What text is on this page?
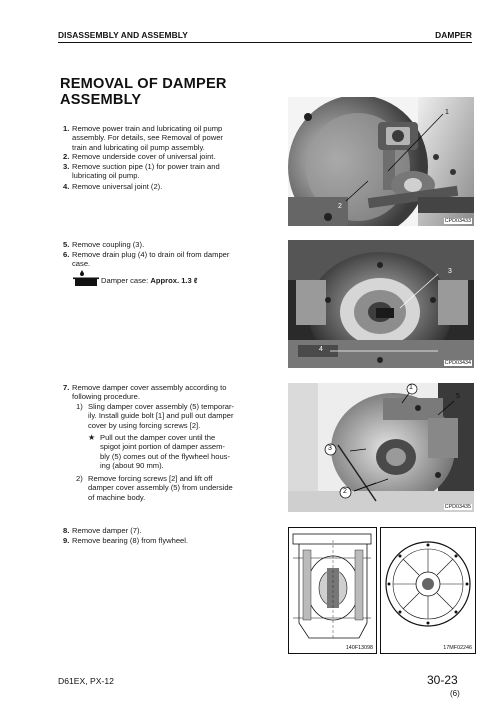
DISASSEMBLY AND ASSEMBLY	DAMPER
REMOVAL OF DAMPER
ASSEMBLY
1. Remove power train and lubricating oil pump
assembly. For details, see Removal of power
train and lubricating oil pump assembly.
2. Remove underside cover of universal joint.
3. Remove suction pipe (1) for power train and
lubricating oil pump.
4. Remove universal joint (2).
5. Remove coupling (3).
6. Remove drain plug (4) to drain oil from damper
case.
Damper case: Approx. 1.3 ℓ
7. Remove damper cover assembly according to
following procedure.
1) Sling damper cover assembly (5) temporar-
ily. Install guide bolt [1] and pull out damper
cover by using forcing screws [2].
★ Pull out the damper cover until the
spigot joint portion of damper assem-
bly (5) comes out of the flywheel hous-
ing (about 90 mm).
2) Remove forcing screws [2] and lift off
damper cover assembly (5) from underside
of machine body.
8. Remove damper (7).
9. Remove bearing (8) from flywheel.
1
2
CPD03433
3
4
CPD03434
1
5
3
2
CPD03435
140F13098	17MF02246
D61EX, PX-12	30-23
(6)
